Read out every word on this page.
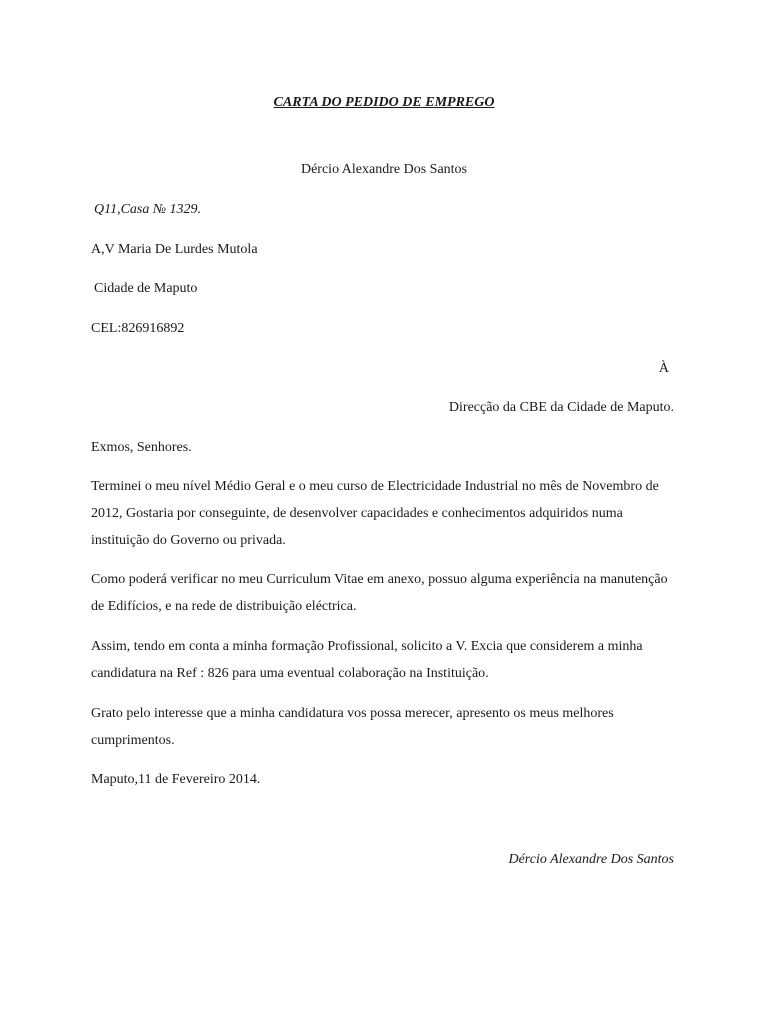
CARTA DO PEDIDO DE EMPREGO
Dércio Alexandre Dos Santos
Q11,Casa № 1329.
A,V Maria De Lurdes Mutola
Cidade de Maputo
CEL:826916892
À
Direcção da CBE da Cidade de Maputo.
Exmos, Senhores.
Terminei o meu nível Médio Geral e o meu curso de Electricidade Industrial no mês de Novembro de 2012, Gostaria por conseguinte, de desenvolver capacidades e conhecimentos adquiridos numa instituição do Governo ou privada.
Como poderá verificar no meu Curriculum Vitae em anexo, possuo alguma experiência na manutenção de Edifícios, e na rede de distribuição eléctrica.
Assim, tendo em conta a minha formação Profissional, solicito a V. Excia que considerem a minha candidatura na Ref : 826 para uma eventual colaboração na Instituição.
Grato pelo interesse que a minha candidatura vos possa merecer, apresento os meus melhores cumprimentos.
Maputo,11 de Fevereiro 2014.
Dércio Alexandre Dos Santos
